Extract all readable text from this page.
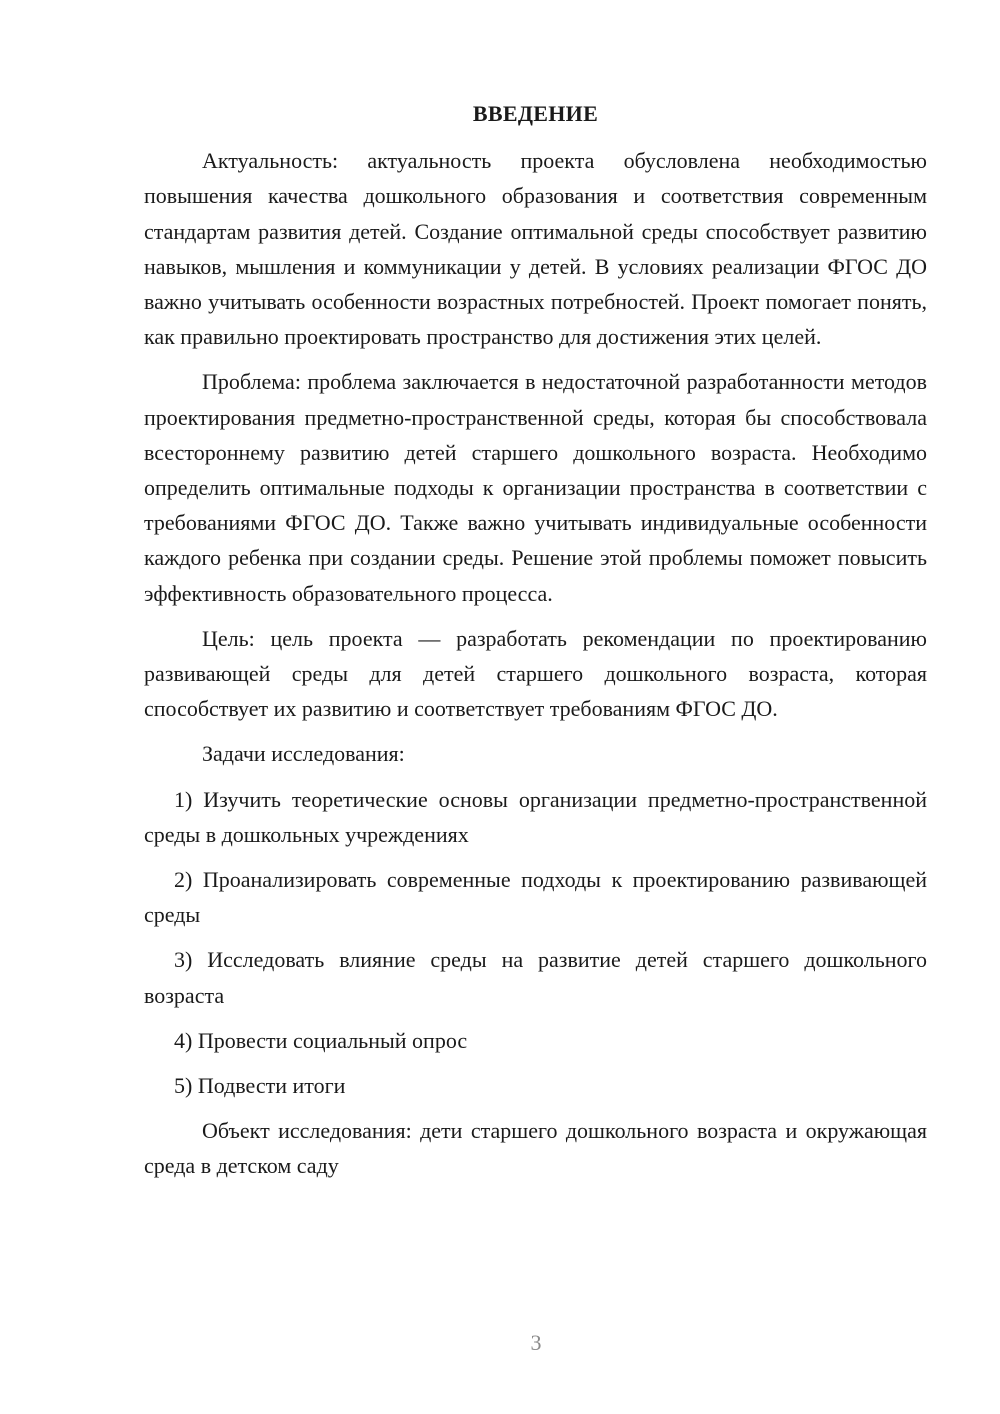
ВВЕДЕНИЕ

Актуальность: актуальность проекта обусловлена необходимостью повышения качества дошкольного образования и соответствия современным стандартам развития детей. Создание оптимальной среды способствует развитию навыков, мышления и коммуникации у детей. В условиях реализации ФГОС ДО важно учитывать особенности возрастных потребностей. Проект помогает понять, как правильно проектировать пространство для достижения этих целей.

Проблема: проблема заключается в недостаточной разработанности методов проектирования предметно-пространственной среды, которая бы способствовала всестороннему развитию детей старшего дошкольного возраста. Необходимо определить оптимальные подходы к организации пространства в соответствии с требованиями ФГОС ДО. Также важно учитывать индивидуальные особенности каждого ребенка при создании среды. Решение этой проблемы поможет повысить эффективность образовательного процесса.

Цель: цель проекта — разработать рекомендации по проектированию развивающей среды для детей старшего дошкольного возраста, которая способствует их развитию и соответствует требованиям ФГОС ДО.

Задачи исследования:

1) Изучить теоретические основы организации предметно-пространственной среды в дошкольных учреждениях

2) Проанализировать современные подходы к проектированию развивающей среды

3) Исследовать влияние среды на развитие детей старшего дошкольного возраста

4) Провести социальный опрос

5) Подвести итоги

Объект исследования: дети старшего дошкольного возраста и окружающая среда в детском саду

3
